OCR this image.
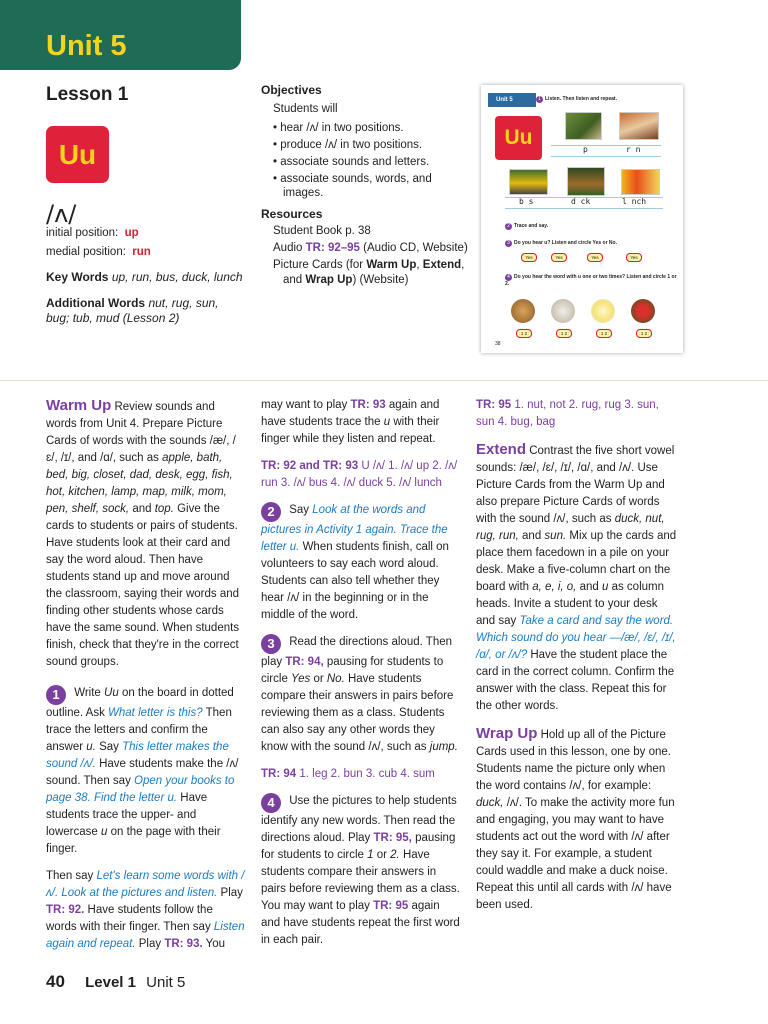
Unit 5
Lesson 1
Uu
/ʌ/
initial position: up
medial position: run
Key Words up, run, bus, duck, lunch
Additional Words nut, rug, sun, bug; tub, mud (Lesson 2)
Objectives
Students will
• hear /ʌ/ in two positions.
• produce /ʌ/ in two positions.
• associate sounds and letters.
• associate sounds, words, and images.
Resources
Student Book p. 38
Audio TR: 92–95 (Audio CD, Website)
Picture Cards (for Warm Up, Extend, and Wrap Up) (Website)
Unit 5	1 Listen. Then listen and repeat.
Uu
p	r n
b s	d ck	l nch
2 Trace and say.
3 Do you hear u? Listen and circle Yes or No.
Yes	Yes	Yes	Yes
4 Do you hear the word with u one or two times? Listen and circle 1 or 2.
1 2	1 2	1 2	1 2
38

Warm Up Review sounds and words from Unit 4. Prepare Picture Cards of words with the sounds /æ/, /ɛ/, /ɪ/, and /ɑ/, such as apple, bath, bed, big, closet, dad, desk, egg, fish, hot, kitchen, lamp, map, milk, mom, pen, shelf, sock, and top. Give the cards to students or pairs of students. Have students look at their card and say the word aloud. Then have students stand up and move around the classroom, saying their words and finding other students whose cards have the same sound. When students finish, check that they're in the correct sound groups.

1 Write Uu on the board in dotted outline. Ask What letter is this? Then trace the letters and confirm the answer u. Say This letter makes the sound /ʌ/. Have students make the /ʌ/ sound. Then say Open your books to page 38. Find the letter u. Have students trace the upper- and lowercase u on the page with their finger.

Then say Let's learn some words with /ʌ/. Look at the pictures and listen. Play TR: 92. Have students follow the words with their finger. Then say Listen again and repeat. Play TR: 93. You

may want to play TR: 93 again and have students trace the u with their finger while they listen and repeat.

TR: 92 and TR: 93 U /ʌ/ 1. /ʌ/ up 2. /ʌ/ run 3. /ʌ/ bus 4. /ʌ/ duck 5. /ʌ/ lunch

2 Say Look at the words and pictures in Activity 1 again. Trace the letter u. When students finish, call on volunteers to say each word aloud. Students can also tell whether they hear /ʌ/ in the beginning or in the middle of the word.

3 Read the directions aloud. Then play TR: 94, pausing for students to circle Yes or No. Have students compare their answers in pairs before reviewing them as a class. Students can also say any other words they know with the sound /ʌ/, such as jump.

TR: 94 1. leg 2. bun 3. cub 4. sum

4 Use the pictures to help students identify any new words. Then read the directions aloud. Play TR: 95, pausing for students to circle 1 or 2. Have students compare their answers in pairs before reviewing them as a class. You may want to play TR: 95 again and have students repeat the first word in each pair.

TR: 95 1. nut, not 2. rug, rug 3. sun, sun 4. bug, bag

Extend Contrast the five short vowel sounds: /æ/, /ɛ/, /ɪ/, /ɑ/, and /ʌ/. Use Picture Cards from the Warm Up and also prepare Picture Cards of words with the sound /ʌ/, such as duck, nut, rug, run, and sun. Mix up the cards and place them facedown in a pile on your desk. Make a five-column chart on the board with a, e, i, o, and u as column heads. Invite a student to your desk and say Take a card and say the word. Which sound do you hear —/æ/, /ɛ/, /ɪ/, /ɑ/, or /ʌ/? Have the student place the card in the correct column. Confirm the answer with the class. Repeat this for the other words.

Wrap Up Hold up all of the Picture Cards used in this lesson, one by one. Students name the picture only when the word contains /ʌ/, for example: duck, /ʌ/. To make the activity more fun and engaging, you may want to have students act out the word with /ʌ/ after they say it. For example, a student could waddle and make a duck noise. Repeat this until all cards with /ʌ/ have been used.

40 Level 1 Unit 5
